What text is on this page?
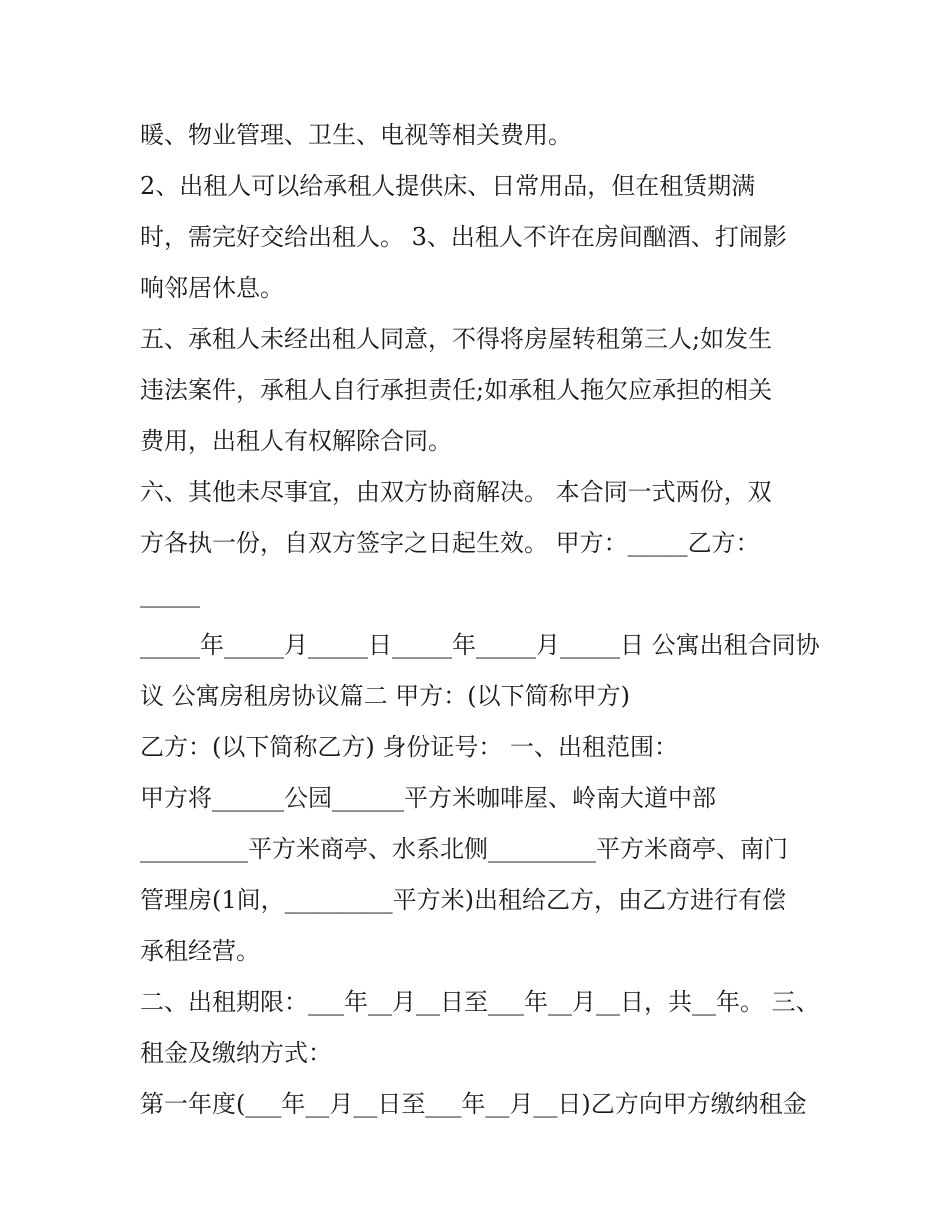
暖、物业管理、卫生、电视等相关费用。
2、出租人可以给承租人提供床、日常用品，但在租赁期满
时，需完好交给出租人。 3、出租人不许在房间酗酒、打闹影
响邻居休息。
五、承租人未经出租人同意，不得将房屋转租第三人;如发生
违法案件，承租人自行承担责任;如承租人拖欠应承担的相关
费用，出租人有权解除合同。
六、其他未尽事宜，由双方协商解决。 本合同一式两份，双
方各执一份，自双方签字之日起生效。 甲方：_____乙方：
_____
_____年_____月_____日_____年_____月_____日 公寓出租合同协
议 公寓房租房协议篇二 甲方：(以下简称甲方)
乙方：(以下简称乙方) 身份证号： 一、出租范围：
甲方将______公园______平方米咖啡屋、岭南大道中部
_________平方米商亭、水系北侧_________平方米商亭、南门
管理房(1间，_________平方米)出租给乙方，由乙方进行有偿
承租经营。
二、出租期限：___年__月__日至___年__月__日，共__年。 三、
租金及缴纳方式：
第一年度(___年__月__日至___年__月__日)乙方向甲方缴纳租金
